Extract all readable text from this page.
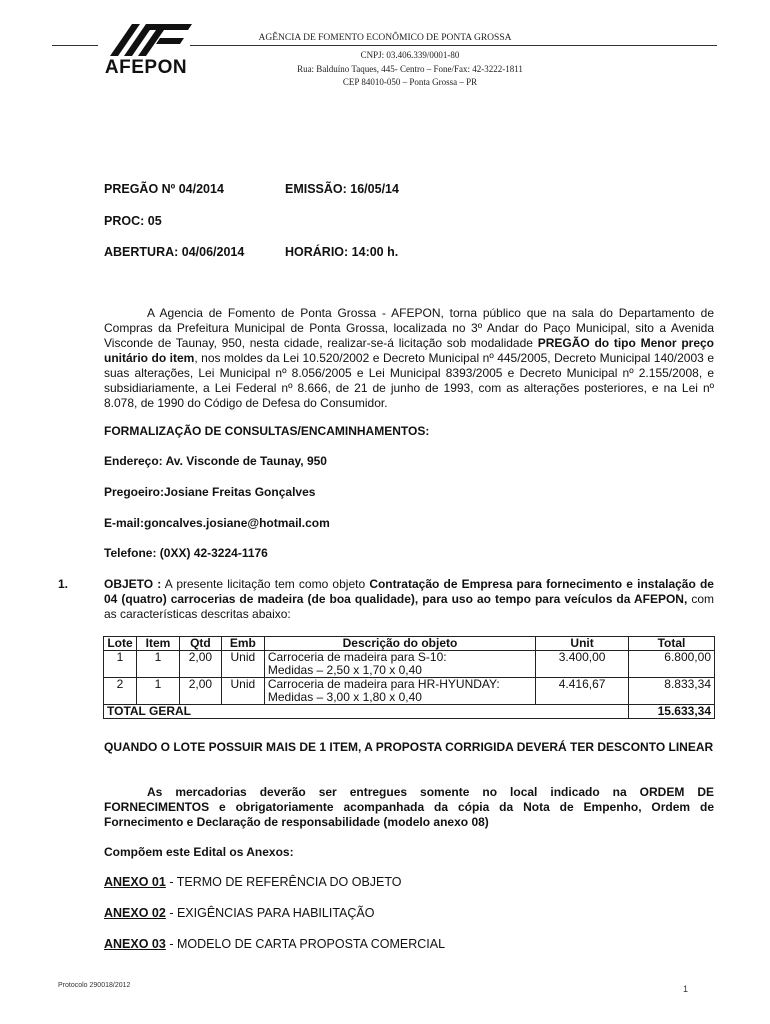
AFEPON
AGÊNCIA DE FOMENTO ECONÔMICO DE PONTA GROSSA
CNPJ: 03.406.339/0001-80
Rua: Balduíno Taques, 445- Centro – Fone/Fax: 42-3222-1811
CEP 84010-050 – Ponta Grossa – PR
PREGÃO Nº 04/2014	EMISSÃO: 16/05/14
PROC: 05
ABERTURA: 04/06/2014	HORÁRIO: 14:00 h.
A Agencia de Fomento de Ponta Grossa - AFEPON, torna público que na sala do Departamento de Compras da Prefeitura Municipal de Ponta Grossa, localizada no 3º Andar do Paço Municipal, sito a Avenida Visconde de Taunay, 950, nesta cidade, realizar-se-á licitação sob modalidade PREGÃO do tipo Menor preço unitário do item, nos moldes da Lei 10.520/2002 e Decreto Municipal nº 445/2005, Decreto Municipal 140/2003 e suas alterações, Lei Municipal nº 8.056/2005 e Lei Municipal 8393/2005 e Decreto Municipal nº 2.155/2008, e subsidiariamente, a Lei Federal nº 8.666, de 21 de junho de 1993, com as alterações posteriores, e na Lei nº 8.078, de 1990 do Código de Defesa do Consumidor.
FORMALIZAÇÃO DE CONSULTAS/ENCAMINHAMENTOS:
Endereço: Av. Visconde de Taunay, 950
Pregoeiro:Josiane Freitas Gonçalves
E-mail:goncalves.josiane@hotmail.com
Telefone: (0XX) 42-3224-1176
1.	OBJETO : A presente licitação tem como objeto Contratação de Empresa para fornecimento e instalação de 04 (quatro) carrocerias de madeira (de boa qualidade), para uso ao tempo para veículos da AFEPON, com as características descritas abaixo:
Lote	Item	Qtd	Emb	Descrição do objeto	Unit	Total
1	1	2,00	Unid	Carroceria de madeira para S-10:
Medidas – 2,50 x 1,70 x 0,40	3.400,00	6.800,00
2	1	2,00	Unid	Carroceria de madeira para HR-HYUNDAY:
Medidas – 3,00 x 1,80 x 0,40	4.416,67	8.833,34
TOTAL GERAL						15.633,34
QUANDO O LOTE POSSUIR MAIS DE 1 ITEM, A PROPOSTA CORRIGIDA DEVERÁ TER DESCONTO LINEAR
As mercadorias deverão ser entregues somente no local indicado na ORDEM DE FORNECIMENTOS e obrigatoriamente acompanhada da cópia da Nota de Empenho, Ordem de Fornecimento e Declaração de responsabilidade (modelo anexo 08)
Compõem este Edital os Anexos:
ANEXO 01 - TERMO DE REFERÊNCIA DO OBJETO
ANEXO 02 - EXIGÊNCIAS PARA HABILITAÇÃO
ANEXO 03 - MODELO DE CARTA PROPOSTA COMERCIAL
Protocolo 290018/2012	1
